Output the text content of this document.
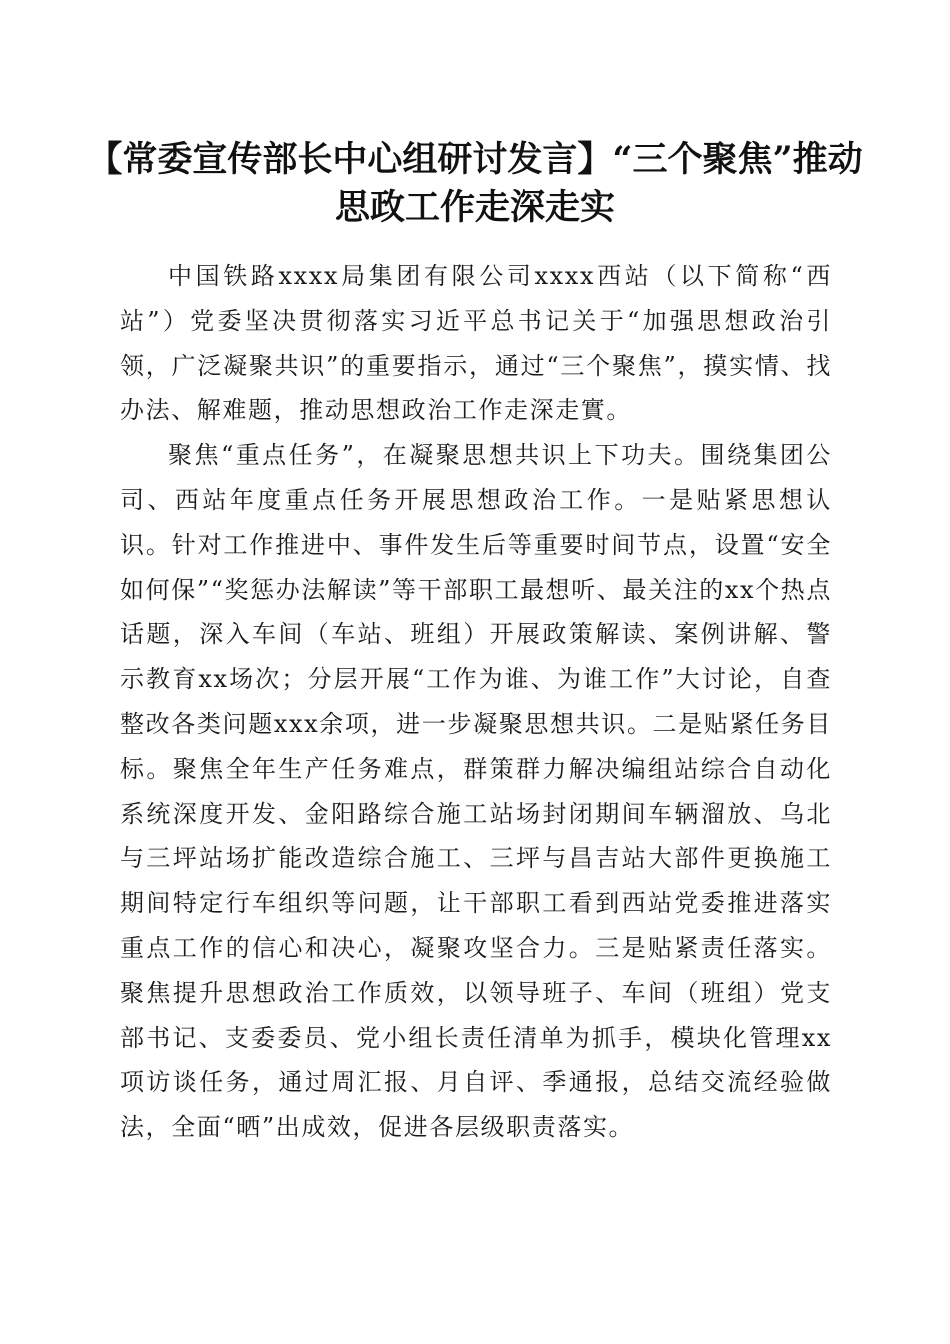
【常委宣传部长中心组研讨发言】“三个聚焦”推动思政工作走深走实

中国铁路xxxx局集团有限公司xxxx西站（以下简称“西站”）党委坚决贯彻落实习近平总书记关于“加强思想政治引领，广泛凝聚共识”的重要指示，通过“三个聚焦”，摸实情、找办法、解难题，推动思想政治工作走深走實。

聚焦“重点任务”，在凝聚思想共识上下功夫。围绕集团公司、西站年度重点任务开展思想政治工作。一是贴紧思想认识。针对工作推进中、事件发生后等重要时间节点，设置“安全如何保”“奖惩办法解读”等干部职工最想听、最关注的xx个热点话题，深入车间（车站、班组）开展政策解读、案例讲解、警示教育xx场次；分层开展“工作为谁、为谁工作”大讨论，自查整改各类问题xxx余项，进一步凝聚思想共识。二是贴紧任务目标。聚焦全年生产任务难点，群策群力解决编组站综合自动化系统深度开发、金阳路综合施工站场封闭期间车辆溜放、乌北与三坪站场扩能改造综合施工、三坪与昌吉站大部件更换施工期间特定行车组织等问题，让干部职工看到西站党委推进落实重点工作的信心和决心，凝聚攻坚合力。三是贴紧责任落实。聚焦提升思想政治工作质效，以领导班子、车间（班组）党支部书记、支委委员、党小组长责任清单为抓手，模块化管理xx项访谈任务，通过周汇报、月自评、季通报，总结交流经验做法，全面“晒”出成效，促进各层级职责落实。
